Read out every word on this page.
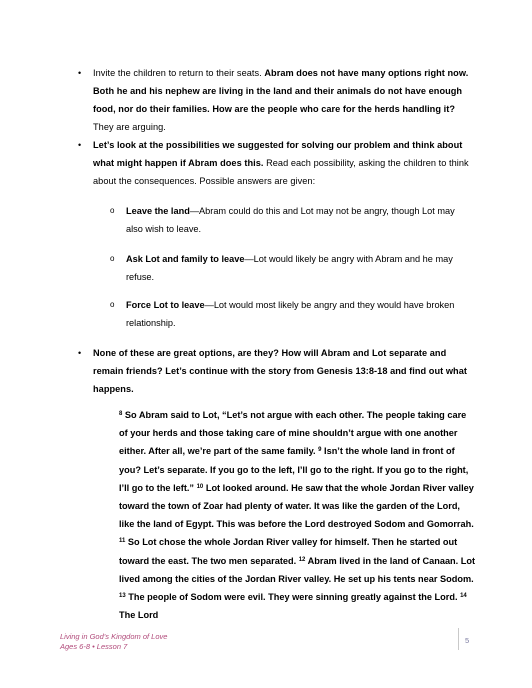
• Invite the children to return to their seats. Abram does not have many options right now. Both he and his nephew are living in the land and their animals do not have enough food, nor do their families. How are the people who care for the herds handling it? They are arguing.
• Let’s look at the possibilities we suggested for solving our problem and think about what might happen if Abram does this. Read each possibility, asking the children to think about the consequences. Possible answers are given:
o Leave the land—Abram could do this and Lot may not be angry, though Lot may also wish to leave.
o Ask Lot and family to leave—Lot would likely be angry with Abram and he may refuse.
o Force Lot to leave—Lot would most likely be angry and they would have broken relationship.
• None of these are great options, are they? How will Abram and Lot separate and remain friends? Let’s continue with the story from Genesis 13:8-18 and find out what happens.
$^8$ So Abram said to Lot, “Let’s not argue with each other. The people taking care of your herds and those taking care of mine shouldn’t argue with one another either. After all, we’re part of the same family. $^9$ Isn’t the whole land in front of you? Let’s separate. If you go to the left, I’ll go to the right. If you go to the right, I’ll go to the left.” $^{10}$ Lot looked around. He saw that the whole Jordan River valley toward the town of Zoar had plenty of water. It was like the garden of the Lord, like the land of Egypt. This was before the Lord destroyed Sodom and Gomorrah. $^{11}$ So Lot chose the whole Jordan River valley for himself. Then he started out toward the east. The two men separated. $^{12}$ Abram lived in the land of Canaan. Lot lived among the cities of the Jordan River valley. He set up his tents near Sodom. $^{13}$ The people of Sodom were evil. They were sinning greatly against the Lord. $^{14}$ The Lord
Living in God’s Kingdom of Love
Ages 6-8 • Lesson 7
5
